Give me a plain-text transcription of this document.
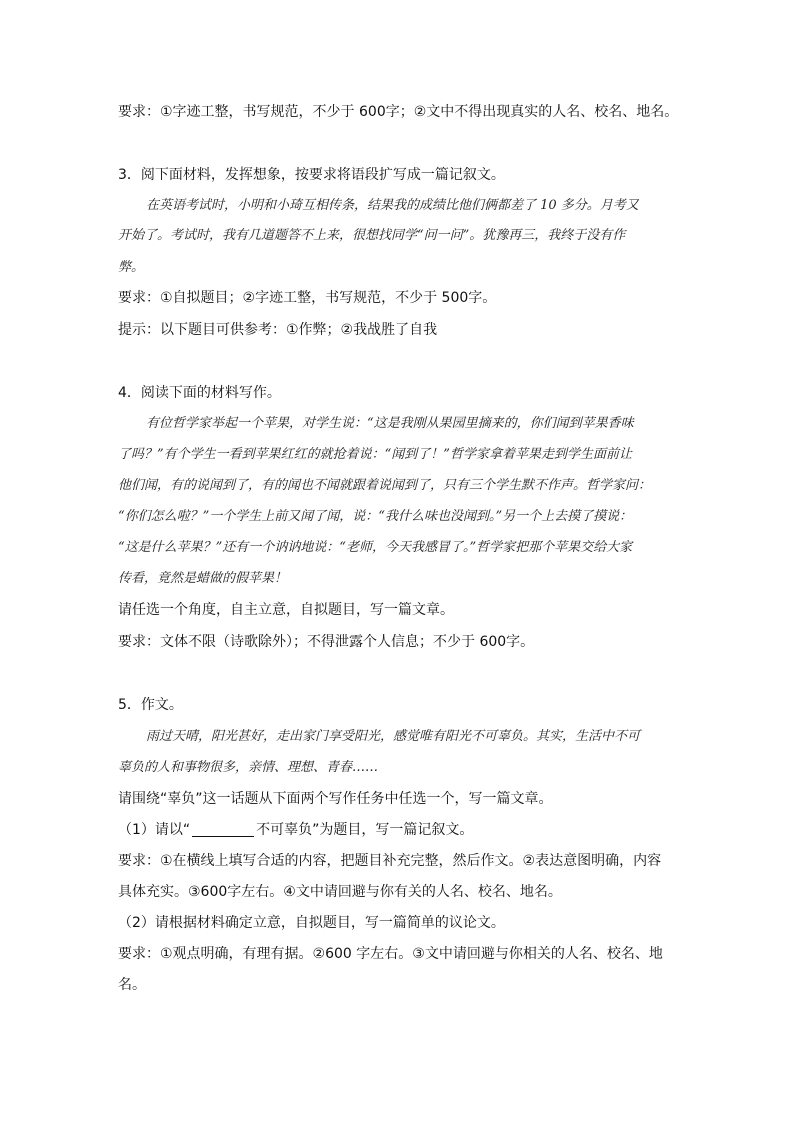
要求：①字迹工整，书写规范，不少于 600字；②文中不得出现真实的人名、校名、地名。
3．阅下面材料，发挥想象，按要求将语段扩写成一篇记叙文。
在英语考试时，小明和小琦互相传条，结果我的成绩比他们俩都差了 10 多分。月考又
开始了。考试时，我有几道题答不上来，很想找同学“问一问”。犹豫再三，我终于没有作
弊。
要求：①自拟题目；②字迹工整，书写规范，不少于 500字。
提示：以下题目可供参考：①作弊；②我战胜了自我
4．阅读下面的材料写作。
有位哲学家举起一个苹果，对学生说：“这是我刚从果园里摘来的，你们闻到苹果香味
了吗？”有个学生一看到苹果红红的就抢着说：“闻到了！”哲学家拿着苹果走到学生面前让
他们闻，有的说闻到了，有的闻也不闻就跟着说闻到了，只有三个学生默不作声。哲学家问：
“你们怎么啦？”一个学生上前又闻了闻，说：“我什么味也没闻到。”另一个上去摸了摸说：
“这是什么苹果？”还有一个讷讷地说：“老师，今天我感冒了。”哲学家把那个苹果交给大家
传看，竟然是蜡做的假苹果！
请任选一个角度，自主立意，自拟题目，写一篇文章。
要求：文体不限（诗歌除外）；不得泄露个人信息；不少于 600字。
5．作文。
雨过天晴，阳光甚好，走出家门享受阳光，感觉唯有阳光不可辜负。其实，生活中不可
辜负的人和事物很多，亲情、理想、青春……
请围绕“辜负”这一话题从下面两个写作任务中任选一个，写一篇文章。
（1）请以“	不可辜负”为题目，写一篇记叙文。
要求：①在横线上填写合适的内容，把题目补充完整，然后作文。②表达意图明确，内容
具体充实。③600字左右。④文中请回避与你有关的人名、校名、地名。
（2）请根据材料确定立意，自拟题目，写一篇简单的议论文。
要求：①观点明确，有理有据。②600 字左右。③文中请回避与你相关的人名、校名、地
名。
